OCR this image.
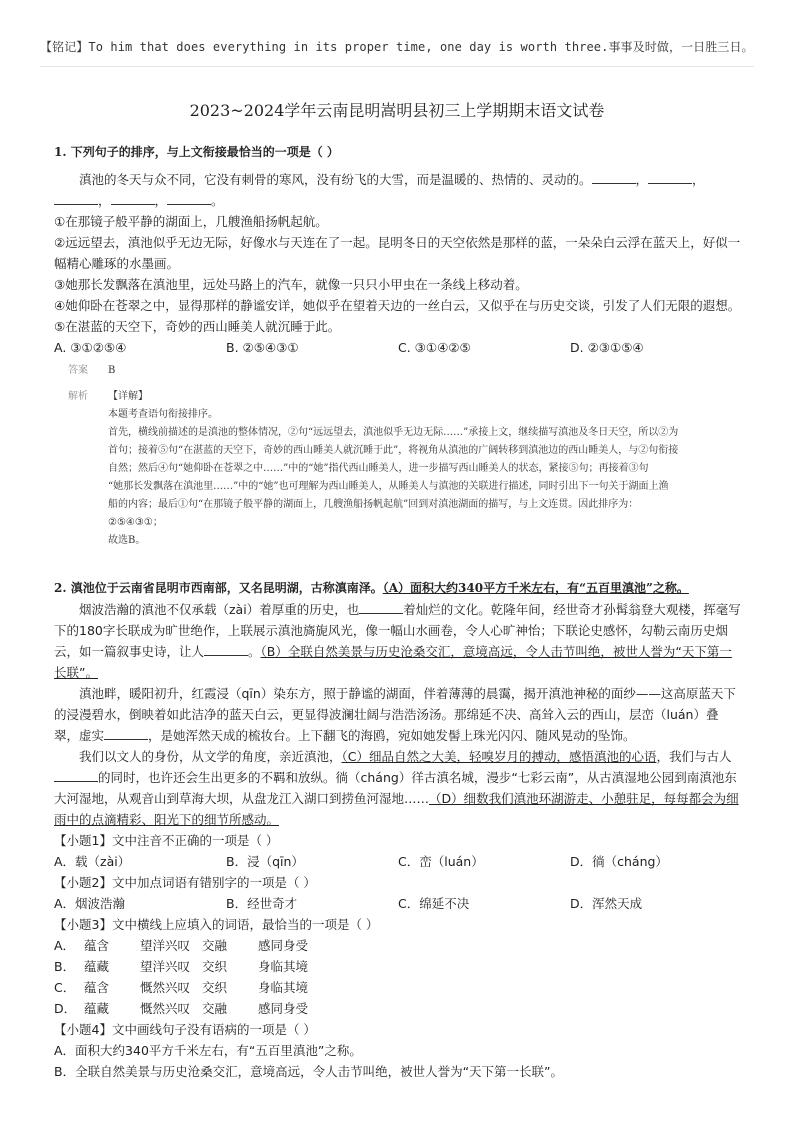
【铭记】To him that does everything in its proper time, one day is worth three.事事及时做，一日胜三日。
2023~2024学年云南昆明嵩明县初三上学期期末语文试卷
1. 下列句子的排序，与上文衔接最恰当的一项是（ ）

滇池的冬天与众不同，它没有刺骨的寒风，没有纷飞的大雪，而是温暖的、热情的、灵动的。	，	，，	，	。

①在那镜子般平静的湖面上，几艘渔船扬帆起航。

②远远望去，滇池似乎无边无际，好像水与天连在了一起。昆明冬日的天空依然是那样的蓝，一朵朵白云浮在蓝天上，好似一幅精心雕琢的水墨画。

③她那长发飘落在滇池里，远处马路上的汽车，就像一只只小甲虫在一条线上移动着。

④她仰卧在苍翠之中，显得那样的静谧安详，她似乎在望着天边的一丝白云，又似乎在与历史交谈，引发了人们无限的遐想。

⑤在湛蓝的天空下，奇妙的西山睡美人就沉睡于此。

A. ③①②⑤④	B. ②⑤④③①	C. ③①④②⑤	D. ②③①⑤④
答案	B
解析	【详解】
本题考查语句衔接排序。
首先，横线前描述的是滇池的整体情况，②句“远远望去，滇池似乎无边无际……”承接上文，继续描写滇池及冬日天空，所以②为
首句；接着⑤句“在湛蓝的天空下，奇妙的西山睡美人就沉睡于此”，将视角从滇池的广阔转移到滇池边的西山睡美人，与②句衔接
自然；然后④句“她仰卧在苍翠之中……”中的“她”指代西山睡美人，进一步描写西山睡美人的状态，紧接⑤句；再接着③句
“她那长发飘落在滇池里……”中的“她”也可理解为西山睡美人，从睡美人与滇池的关联进行描述，同时引出下一句关于湖面上渔
船的内容；最后①句“在那镜子般平静的湖面上，几艘渔船扬帆起航”回到对滇池湖面的描写，与上文连贯。因此排序为：
②⑤④③①；
故选B。
2. 滇池位于云南省昆明市西南部，又名昆明湖，古称滇南泽。（A）面积大约340平方千米左右，有“五百里滇池”之称。

烟波浩瀚的滇池不仅承载（zài）着厚重的历史，也	着灿烂的文化。乾隆年间，经世奇才孙髯翁登大观楼，挥毫写下的180字长联成为旷世绝作，上联展示滇池旖旎风光，像一幅山水画卷，令人心旷神怡；下联论史感怀，勾勒云南历史烟云，如一篇叙事史诗，让人	。（B）全联自然美景与历史沧桑交汇，意境高远，令人击节叫绝，被世人誉为“天下第一长联”。

滇池畔，暖阳初升，红霞浸（qīn）染东方，照于静谧的湖面，伴着薄薄的晨霭，揭开滇池神秘的面纱——这高原蓝天下的浸漫碧水，倒映着如此洁净的蓝天白云，更显得波澜壮阔与浩浩汤汤。那绵延不决、高耸入云的西山，层峦（luán）叠翠，虚实	，是她浑然天成的梳妆台。上下翻飞的海鸥，宛如她发髻上珠光闪闪、随风晃动的坠饰。

我们以文人的身份，从文学的角度，亲近滇池，（C）细品自然之大美，轻嗅岁月的搏动，感悟滇池的心语，我们与古人的同时，也许还会生出更多的不羁和放纵。徜（cháng）徉古滇名城，漫步“七彩云南”，从古滇湿地公园到南滇池东大河湿地，从观音山到草海大坝，从盘龙江入湖口到捞鱼河湿地……（D）细数我们滇池环湖游走、小憩驻足，每每都会为细雨中的点滴精彩、阳光下的细节所感动。

【小题1】文中注音不正确的一项是（ ）
A．载（zài）	B．浸（qīn）	C．峦（luán）	D．徜（cháng）
【小题2】文中加点词语有错别字的一项是（ ）
A．烟波浩瀚	B．经世奇才	C．绵延不决	D．浑然天成
【小题3】文中横线上应填入的词语，最恰当的一项是（ ）
A． 蕴含	望洋兴叹 交融	感同身受
B． 蕴藏	望洋兴叹 交织	身临其境
C． 蕴含	慨然兴叹 交织	身临其境
D． 蕴藏	慨然兴叹 交融	感同身受
【小题4】文中画线句子没有语病的一项是（ ）
A．面积大约340平方千米左右，有“五百里滇池”之称。
B．全联自然美景与历史沧桑交汇，意境高远，令人击节叫绝，被世人誉为“天下第一长联”。
